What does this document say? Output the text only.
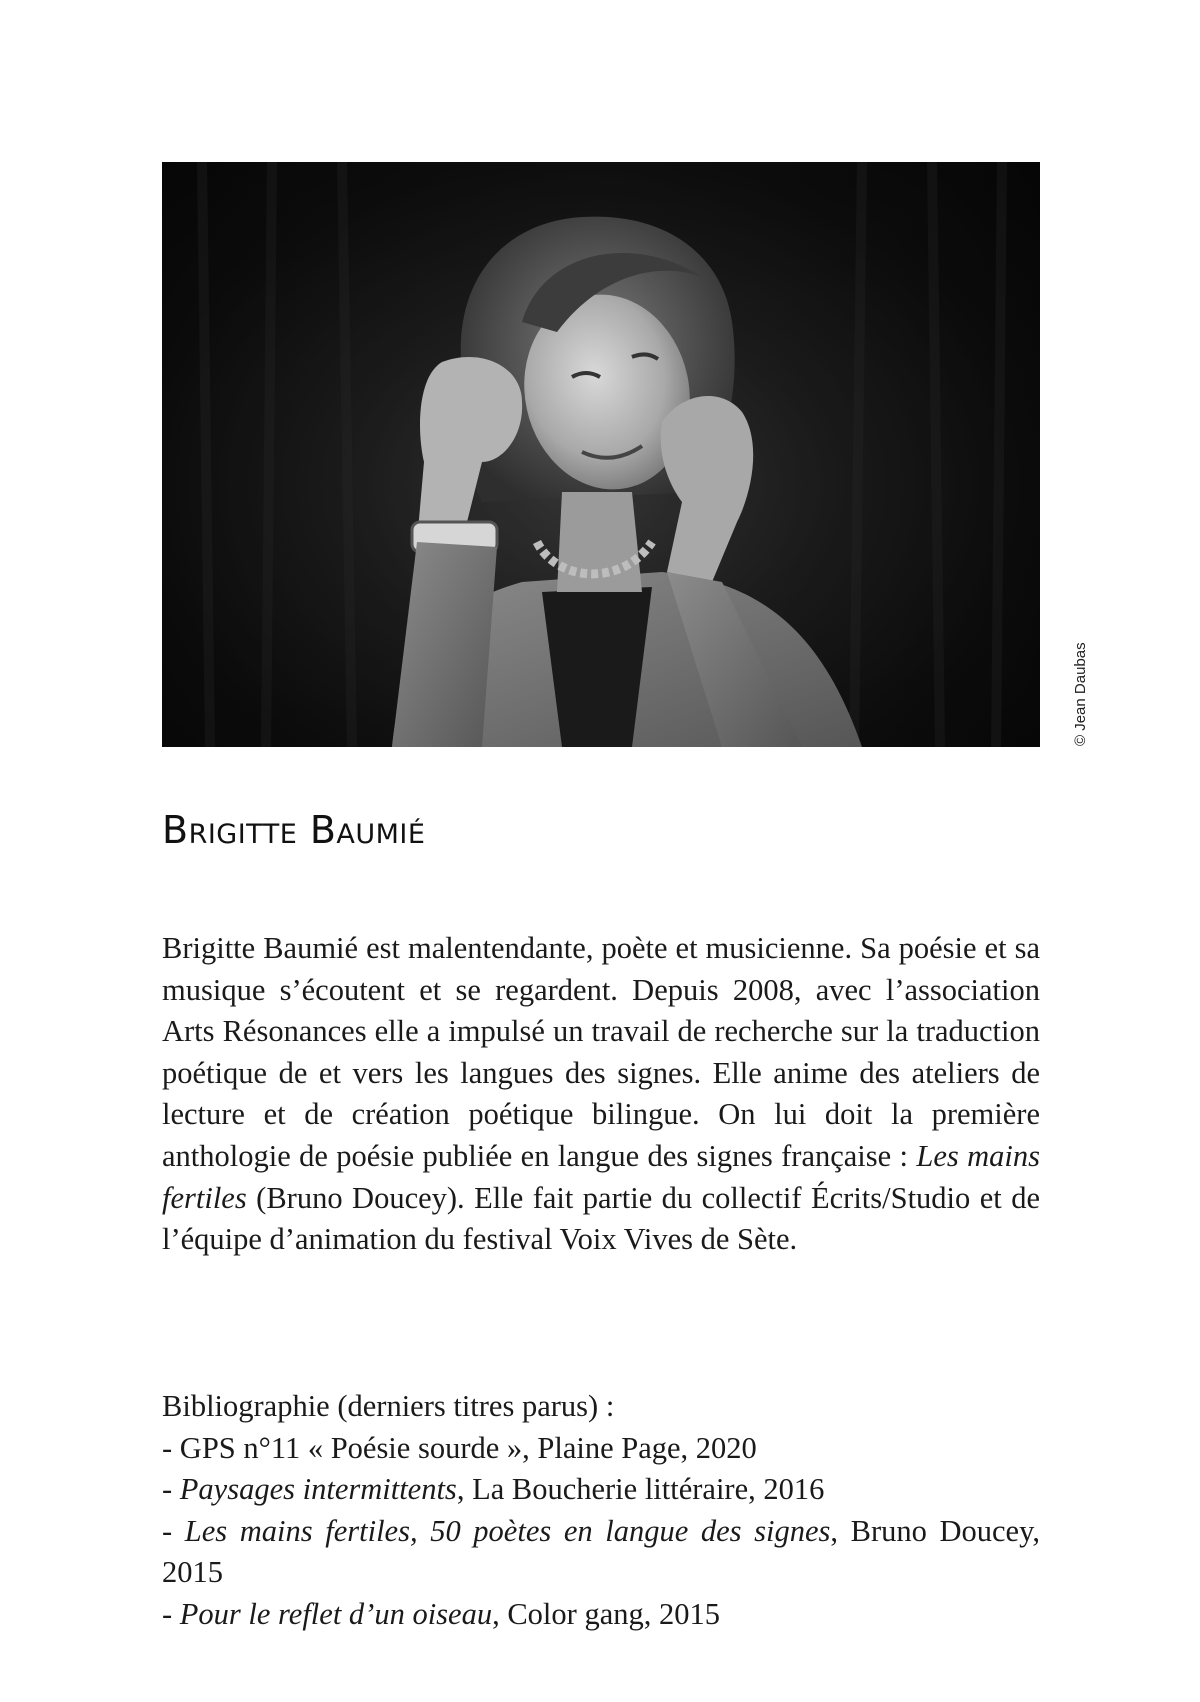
© Jean Daubas
Brigitte Baumié

Brigitte Baumié est malentendante, poète et musicienne. Sa poésie et sa musique s’écoutent et se regardent. Depuis 2008, avec l’association Arts Résonances elle a impulsé un travail de recherche sur la traduction poétique de et vers les langues des signes. Elle anime des ateliers de lecture et de création poétique bilingue. On lui doit la première anthologie de poésie publiée en langue des signes française : Les mains fertiles (Bruno Doucey). Elle fait partie du collectif Écrits/Studio et de l’équipe d’animation du festival Voix Vives de Sète.

Bibliographie (derniers titres parus) :

- GPS n°11 « Poésie sourde », Plaine Page, 2020

- Paysages intermittents, La Boucherie littéraire, 2016

- Les mains fertiles, 50 poètes en langue des signes, Bruno Doucey,

2015

- Pour le reflet d’un oiseau, Color gang, 2015
